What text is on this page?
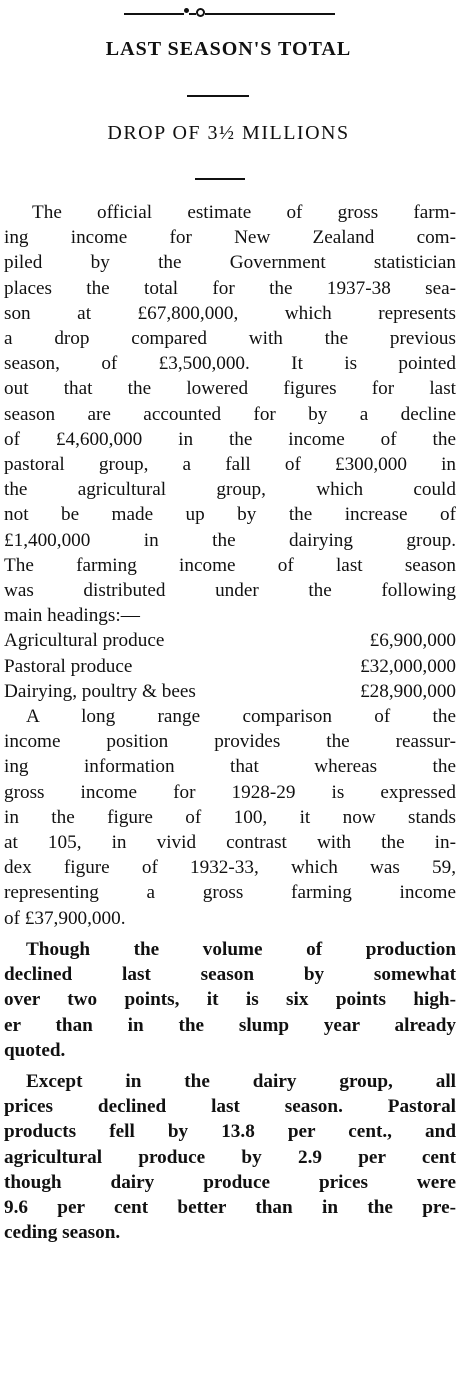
LAST SEASON'S TOTAL
DROP OF 3½ MILLIONS
The official estimate of gross farm-
ing income for New Zealand com-
piled by the Government statistician
places the total for the 1937-38 sea-
son at £67,800,000, which represents
a drop compared with the previous
season, of £3,500,000. It is pointed
out that the lowered figures for last
season are accounted for by a decline
of £4,600,000 in the income of the
pastoral group, a fall of £300,000 in
the agricultural group, which could
not be made up by the increase of
£1,400,000 in the dairying group.
The farming income of last season
was distributed under the following
main headings:—
Agricultural produce	£6,900,000
Pastoral produce	£32,000,000
Dairying, poultry & bees	£28,900,000
A long range comparison of the
income position provides the reassur-
ing information that whereas the
gross income for 1928-29 is expressed
in the figure of 100, it now stands
at 105, in vivid contrast with the in-
dex figure of 1932-33, which was 59,
representing a gross farming income
of £37,900,000.
Though the volume of production
declined last season by somewhat
over two points, it is six points high-
er than in the slump year already
quoted.
Except in the dairy group, all
prices declined last season. Pastoral
products fell by 13.8 per cent., and
agricultural produce by 2.9 per cent
though dairy produce prices were
9.6 per cent better than in the pre-
ceding season.
